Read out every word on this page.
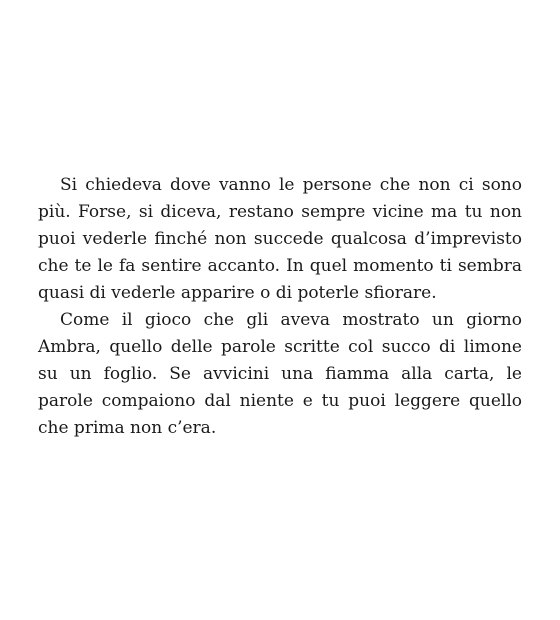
Si chiedeva dove vanno le persone che non ci sono più. Forse, si diceva, restano sempre vicine ma tu non puoi vederle finché non succede qualcosa d’imprevisto che te le fa sentire accanto. In quel momento ti sembra quasi di vederle apparire o di poterle sfiorare.

Come il gioco che gli aveva mostrato un giorno Ambra, quello delle parole scritte col succo di limone su un foglio. Se avvicini una fiamma alla carta, le parole compaiono dal niente e tu puoi leggere quello che prima non c’era.
